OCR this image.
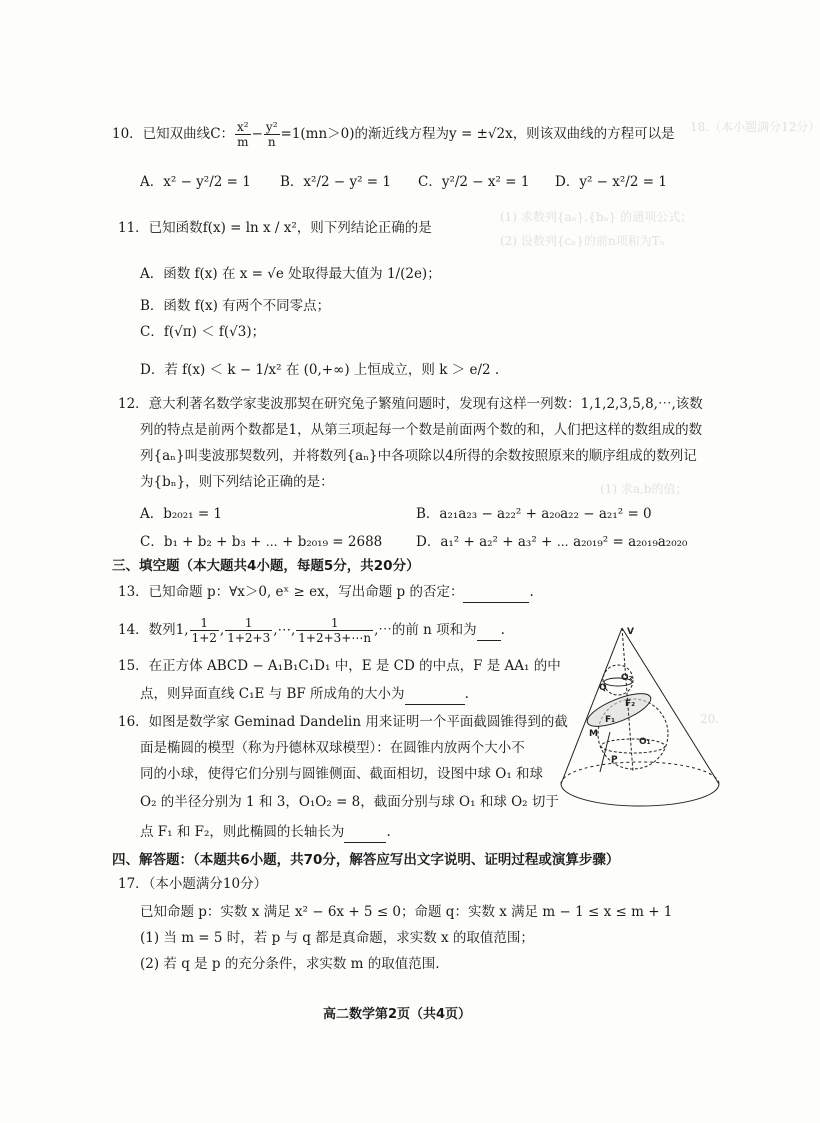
18.（本小题满分12分）
(1) 求数列{aₙ},{bₙ} 的通项公式；
(2) 设数列{cₙ}的前n项和为Tₙ
(1) 求a,b的值；
20.
10．已知双曲线C： $\frac{\text{x²}}{m} - \frac{\text{y²}}{n} =1(mn>0)$的渐近线方程为y = ±√2x，则该双曲线的方程可以是
A．x² − y²/2 = 1 B．x²/2 − y² = 1 C．y²/2 − x² = 1 D．y² − x²/2 = 1
11．已知函数f(x) = ln x / x²，则下列结论正确的是
A．函数 f(x) 在 x = √e 处取得最大值为 1/(2e)；
B．函数 f(x) 有两个不同零点；
C．f(√π) ＜ f(√3)；
D．若 f(x) ＜ k − 1/x² 在 (0,+∞) 上恒成立，则 k ＞ e/2 .
12．意大利著名数学家斐波那契在研究兔子繁殖问题时，发现有这样一列数：1,1,2,3,5,8,⋯,该数
列的特点是前两个数都是1，从第三项起每一个数是前面两个数的和，人们把这样的数组成的数
列{aₙ}叫斐波那契数列，并将数列{aₙ}中各项除以4所得的余数按照原来的顺序组成的数列记
为{bₙ}，则下列结论正确的是：
A．b₂₀₂₁ = 1	B．a₂₁a₂₃ − a₂₂² + a₂₀a₂₂ − a₂₁² = 0
C．b₁ + b₂ + b₃ + ⋯ + b₂₀₁₉ = 2688 D．a₁² + a₂² + a₃² + ⋯ a₂₀₁₉² = a₂₀₁₉a₂₀₂₀
三、填空题（本大题共4小题，每题5分，共20分）
13．已知命题 p：∀x＞0, eˣ ≥ ex，写出命题 p 的否定：	.
14．数列1, $\frac{1}{1+2}$ , $\frac{1}{1+2+3}$ ,⋯, $\frac{1}{1+2+3+\cdots n}$ ,⋯的前 n 项和为 .
15．在正方体 ABCD − A₁B₁C₁D₁ 中，E 是 CD 的中点，F 是 AA₁ 的中
点，则异面直线 C₁E 与 BF 所成角的大小为	.
16．如图是数学家 Geminad Dandelin 用来证明一个平面截圆锥得到的截
面是椭圆的模型（称为丹德林双球模型）：在圆锥内放两个大小不
同的小球，使得它们分别与圆锥侧面、截面相切，设图中球 O₁ 和球
O₂ 的半径分别为 1 和 3，O₁O₂ = 8，截面分别与球 O₁ 和球 O₂ 切于
点 F₁ 和 F₂，则此椭圆的长轴长为	.
V
O₂
Q
F₂
F₁
M
O₁
P
四、解答题：（本题共6小题，共70分，解答应写出文字说明、证明过程或演算步骤）
17．（本小题满分10分）
已知命题 p：实数 x 满足 x² − 6x + 5 ≤ 0；命题 q：实数 x 满足 m − 1 ≤ x ≤ m + 1
(1) 当 m = 5 时，若 p 与 q 都是真命题，求实数 x 的取值范围；
(2) 若 q 是 p 的充分条件，求实数 m 的取值范围.
高二数学第2页（共4页）
